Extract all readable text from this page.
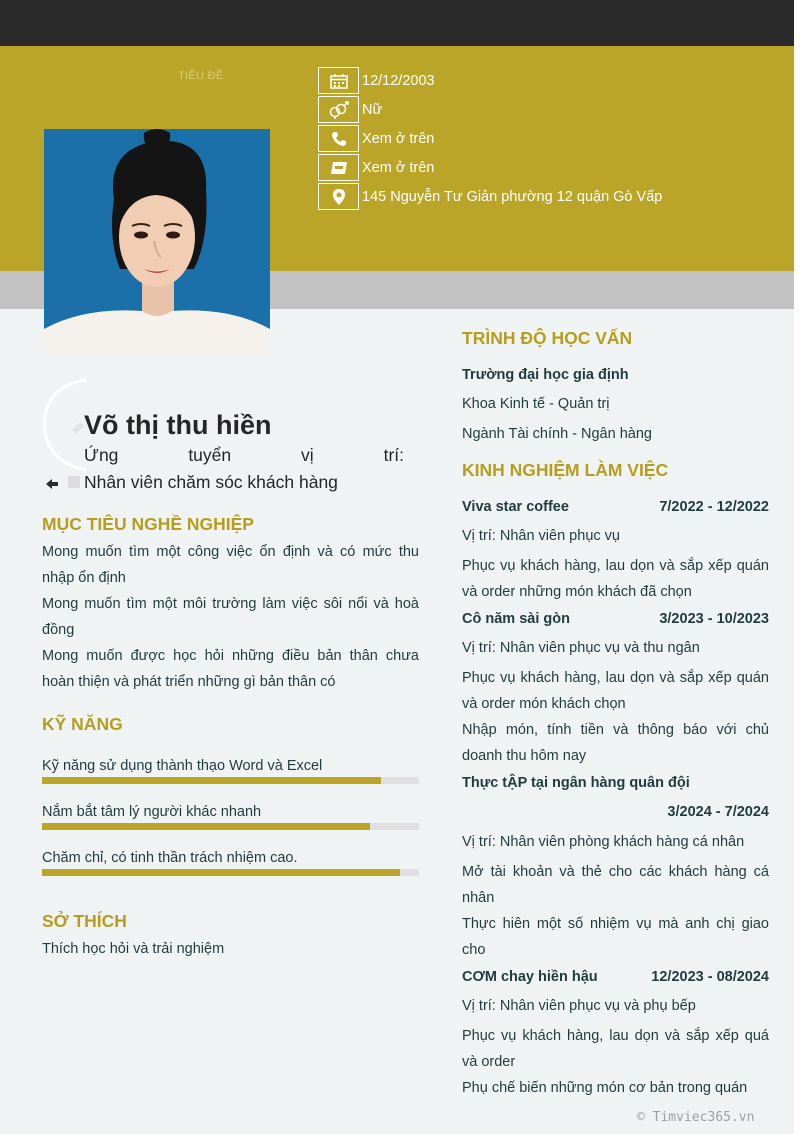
TIÊU ĐỀ	12/12/2003
Nữ
Xem ở trên
Xem ở trên
145 Nguyễn Tư Giản phường 12 quận Gò Vấp
Võ thị thu hiền
Ứng tuyển vị trí:
Nhân viên chăm sóc khách hàng
MỤC TIÊU NGHỀ NGHIỆP
Mong muốn tìm một công việc ổn định và có mức thu nhập ổn định
Mong muốn tìm một môi trường làm việc sôi nổi và hoà đồng
Mong muốn được học hỏi những điều bản thân chưa hoàn thiện và phát triển những gì bản thân có
KỸ NĂNG
Kỹ năng sử dụng thành thạo Word và Excel
Nắm bắt tâm lý người khác nhanh
Chăm chỉ, có tinh thần trách nhiệm cao.
SỞ THÍCH
Thích học hỏi và trải nghiệm
TRÌNH ĐỘ HỌC VẤN
Trường đại học gia định
Khoa Kinh tế - Quản trị
Ngành Tài chính - Ngân hàng
KINH NGHIỆM LÀM VIỆC
Viva star coffee	7/2022 - 12/2022
Vị trí: Nhân viên phục vụ
Phục vụ khách hàng, lau dọn và sắp xếp quán và order những món khách đã chọn
Cô năm sài gòn	3/2023 - 10/2023
Vị trí: Nhân viên phục vụ và thu ngân
Phục vụ khách hàng, lau dọn và sắp xếp quán và order món khách chọn
Nhập món, tính tiền và thông báo với chủ doanh thu hôm nay
Thực tẬP tại ngân hàng quân đội
3/2024 - 7/2024
Vị trí: Nhân viên phòng khách hàng cá nhân
Mở tài khoản và thẻ cho các khách hàng cá nhân
Thực hiên một số nhiệm vụ mà anh chị giao cho
CƠM chay hiền hậu	12/2023 - 08/2024
Vị trí: Nhân viên phục vụ và phụ bếp
Phục vụ khách hàng, lau dọn và sắp xếp quá và order
Phụ chế biến những món cơ bản trong quán
© Timviec365.vn
